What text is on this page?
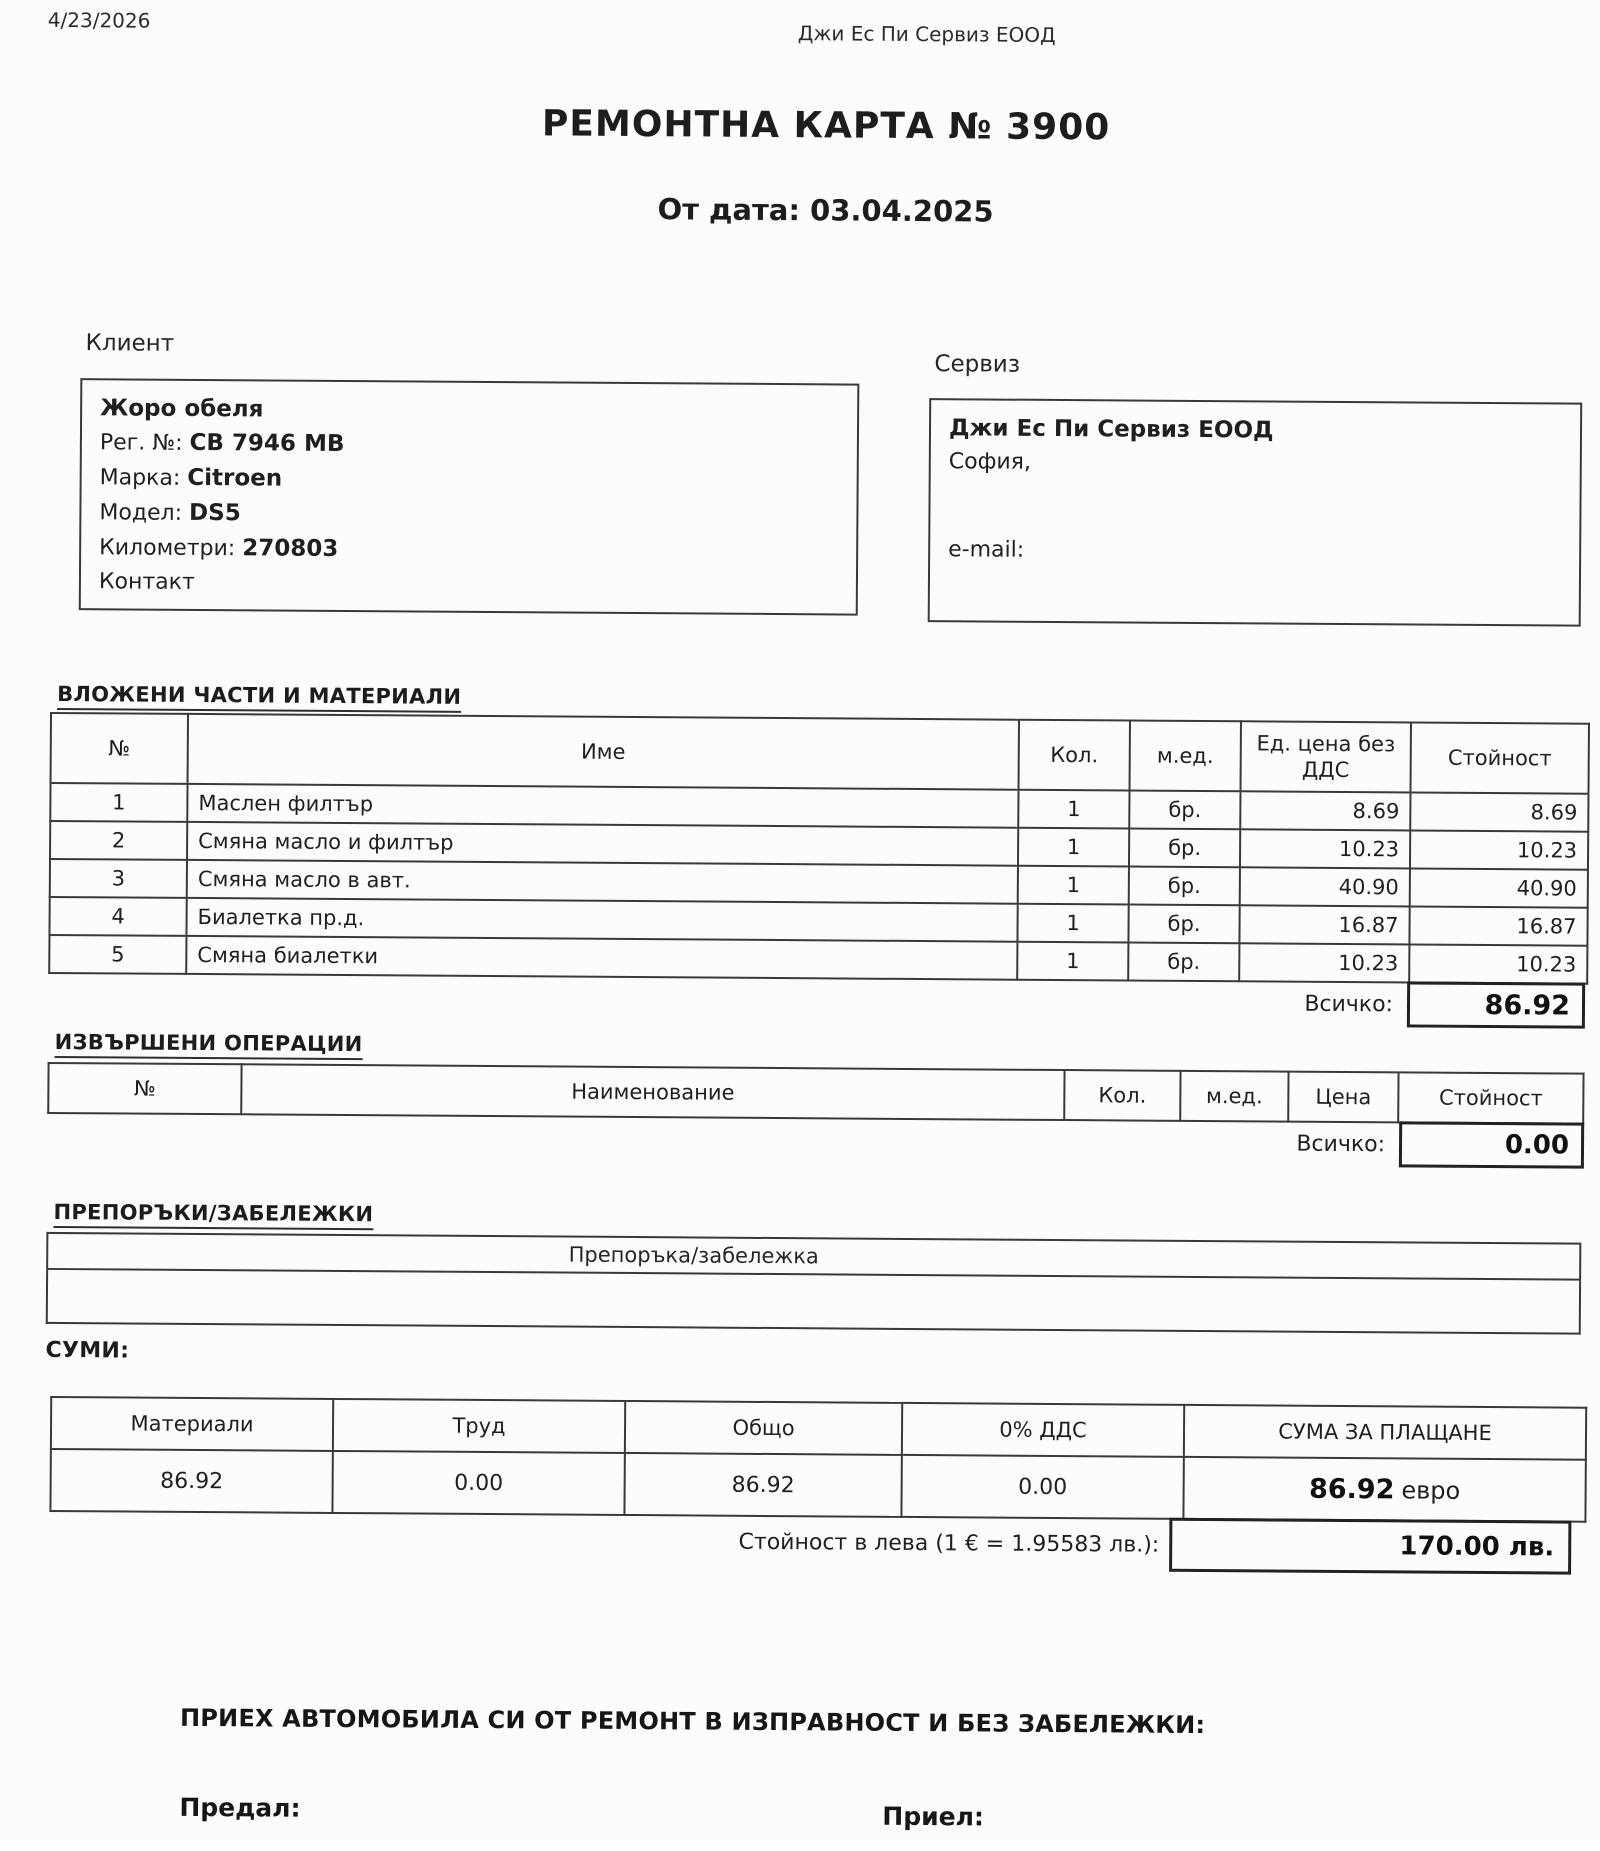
4/23/2026
Джи Ес Пи Сервиз ЕООД
РЕМОНТНА КАРТА № 3900
От дата: 03.04.2025
Клиент
Жоро обеля
Рег. №: СВ 7946 МВ
Марка: Citroen
Модел: DS5
Километри: 270803
Контакт
Сервиз
Джи Ес Пи Сервиз ЕООД
София,
e-mail:
ВЛОЖЕНИ ЧАСТИ И МАТЕРИАЛИ
№	Име	Кол.	м.ед.	Ед. цена без ДДС	Стойност
1	Маслен филтър	1	бр.	8.69	8.69
2	Смяна масло и филтър	1	бр.	10.23	10.23
3	Смяна масло в авт.	1	бр.	40.90	40.90
4	Биалетка пр.д.	1	бр.	16.87	16.87
5	Смяна биалетки	1	бр.	10.23	10.23
Всичко:	86.92
ИЗВЪРШЕНИ ОПЕРАЦИИ
№	Наименование	Кол.	м.ед.	Цена	Стойност
Всичко:	0.00
ПРЕПОРЪКИ/ЗАБЕЛЕЖКИ
Препоръка/забележка
СУМИ:
Материали	Труд	Общо	0% ДДС	СУМА ЗА ПЛАЩАНЕ
86.92	0.00	86.92	0.00	86.92 евро
Стойност в лева (1 € = 1.95583 лв.):	170.00 лв.
ПРИЕХ АВТОМОБИЛА СИ ОТ РЕМОНТ В ИЗПРАВНОСТ И БЕЗ ЗАБЕЛЕЖКИ:
Предал:	Приел:
